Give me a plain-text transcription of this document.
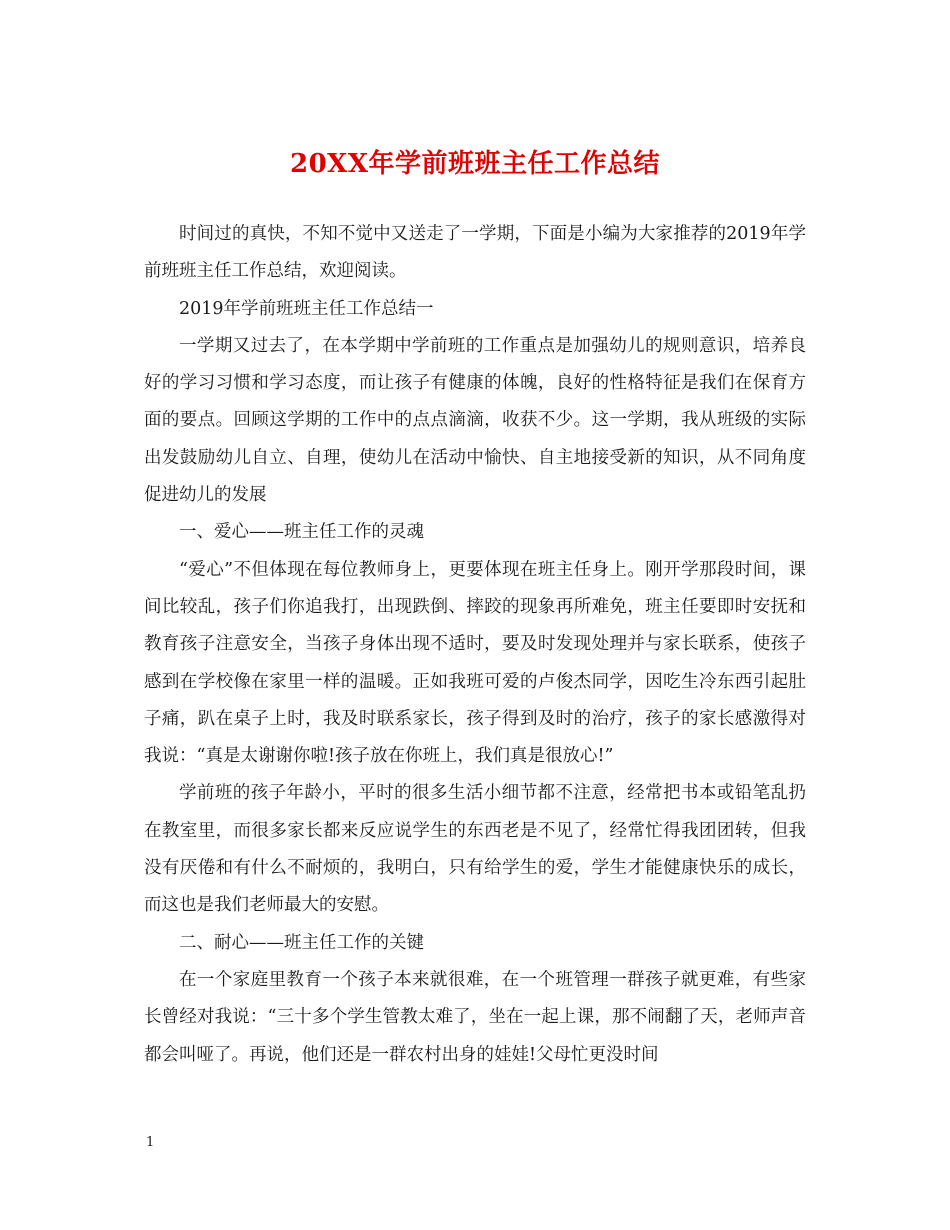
20XX年学前班班主任工作总结

时间过的真快，不知不觉中又送走了一学期，下面是小编为大家推荐的2019年学前班班主任工作总结，欢迎阅读。

2019年学前班班主任工作总结一

一学期又过去了，在本学期中学前班的工作重点是加强幼儿的规则意识，培养良好的学习习惯和学习态度，而让孩子有健康的体魄，良好的性格特征是我们在保育方面的要点。回顾这学期的工作中的点点滴滴，收获不少。这一学期，我从班级的实际出发鼓励幼儿自立、自理，使幼儿在活动中愉快、自主地接受新的知识，从不同角度促进幼儿的发展

一、爱心——班主任工作的灵魂

“爱心”不但体现在每位教师身上，更要体现在班主任身上。刚开学那段时间，课间比较乱，孩子们你追我打，出现跌倒、摔跤的现象再所难免，班主任要即时安抚和教育孩子注意安全，当孩子身体出现不适时，要及时发现处理并与家长联系，使孩子感到在学校像在家里一样的温暖。正如我班可爱的卢俊杰同学，因吃生冷东西引起肚子痛，趴在桌子上时，我及时联系家长，孩子得到及时的治疗，孩子的家长感激得对我说：“真是太谢谢你啦!孩子放在你班上，我们真是很放心!”

学前班的孩子年龄小，平时的很多生活小细节都不注意，经常把书本或铅笔乱扔在教室里，而很多家长都来反应说学生的东西老是不见了，经常忙得我团团转，但我没有厌倦和有什么不耐烦的，我明白，只有给学生的爱，学生才能健康快乐的成长，而这也是我们老师最大的安慰。

二、耐心——班主任工作的关键

在一个家庭里教育一个孩子本来就很难，在一个班管理一群孩子就更难，有些家长曾经对我说：“三十多个学生管教太难了，坐在一起上课，那不闹翻了天，老师声音都会叫哑了。再说，他们还是一群农村出身的娃娃!父母忙更没时间

1
